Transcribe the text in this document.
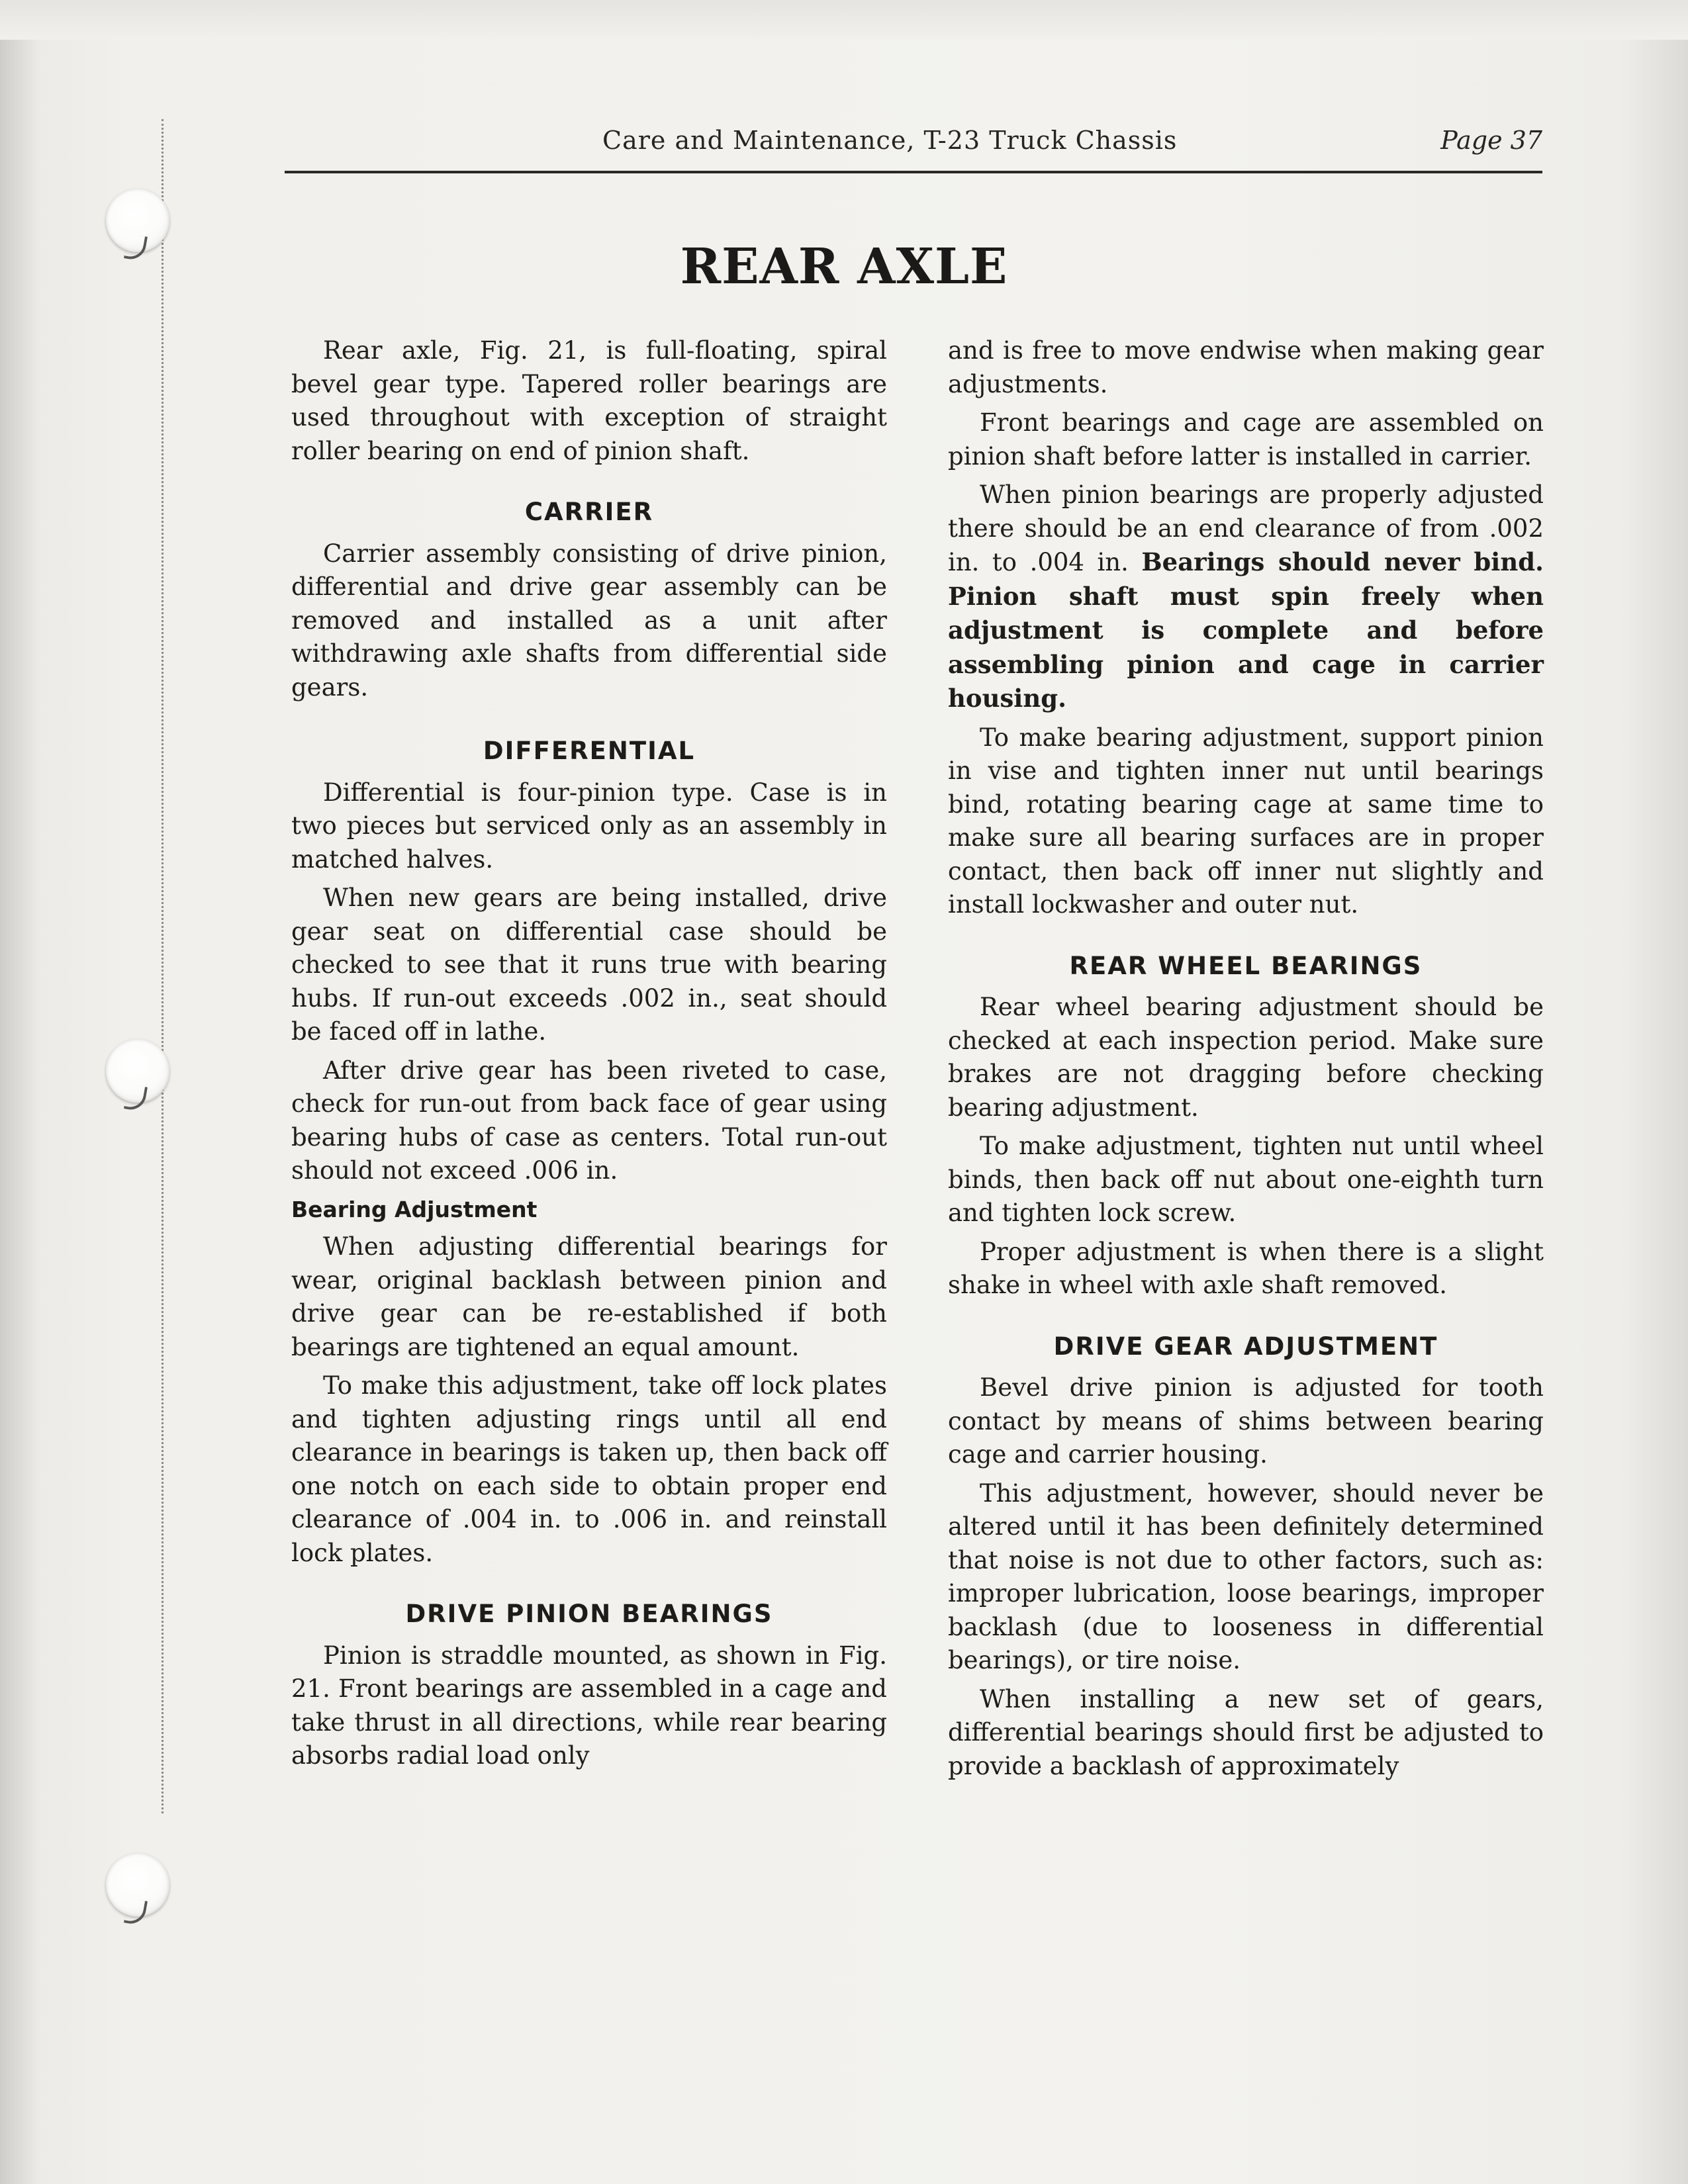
Care and Maintenance, T-23 Truck Chassis	Page 37
REAR AXLE

Rear axle, Fig. 21, is full-floating, spiral bevel gear type. Tapered roller bearings are used throughout with exception of straight roller bearing on end of pinion shaft.

CARRIER

Carrier assembly consisting of drive pinion, differential and drive gear assembly can be removed and installed as a unit after withdrawing axle shafts from differential side gears.

DIFFERENTIAL

Differential is four-pinion type. Case is in two pieces but serviced only as an assembly in matched halves.

When new gears are being installed, drive gear seat on differential case should be checked to see that it runs true with bearing hubs. If run-out exceeds .002 in., seat should be faced off in lathe.

After drive gear has been riveted to case, check for run-out from back face of gear using bearing hubs of case as centers. Total run-out should not exceed .006 in.

Bearing Adjustment

When adjusting differential bearings for wear, original backlash between pinion and drive gear can be re-established if both bearings are tightened an equal amount.

To make this adjustment, take off lock plates and tighten adjusting rings until all end clearance in bearings is taken up, then back off one notch on each side to obtain proper end clearance of .004 in. to .006 in. and reinstall lock plates.

DRIVE PINION BEARINGS

Pinion is straddle mounted, as shown in Fig. 21. Front bearings are assembled in a cage and take thrust in all directions, while rear bearing absorbs radial load only

and is free to move endwise when making gear adjustments.

Front bearings and cage are assembled on pinion shaft before latter is installed in carrier.

When pinion bearings are properly adjusted there should be an end clearance of from .002 in. to .004 in. Bearings should never bind. Pinion shaft must spin freely when adjustment is complete and before assembling pinion and cage in carrier housing.

To make bearing adjustment, support pinion in vise and tighten inner nut until bearings bind, rotating bearing cage at same time to make sure all bearing surfaces are in proper contact, then back off inner nut slightly and install lockwasher and outer nut.

REAR WHEEL BEARINGS

Rear wheel bearing adjustment should be checked at each inspection period. Make sure brakes are not dragging before checking bearing adjustment.

To make adjustment, tighten nut until wheel binds, then back off nut about one-eighth turn and tighten lock screw.

Proper adjustment is when there is a slight shake in wheel with axle shaft removed.

DRIVE GEAR ADJUSTMENT

Bevel drive pinion is adjusted for tooth contact by means of shims between bearing cage and carrier housing.

This adjustment, however, should never be altered until it has been definitely determined that noise is not due to other factors, such as: improper lubrication, loose bearings, improper backlash (due to looseness in differential bearings), or tire noise.

When installing a new set of gears, differential bearings should first be adjusted to provide a backlash of approximately
